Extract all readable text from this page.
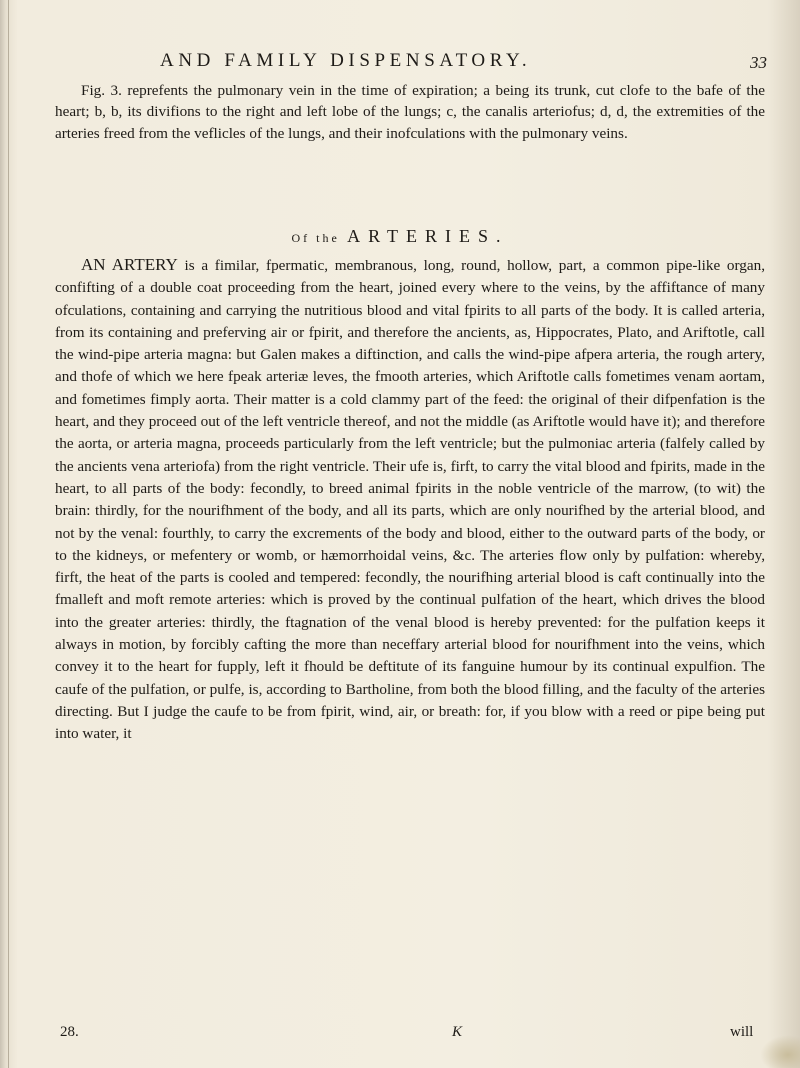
AND FAMILY DISPENSATORY.	33

Fig. 3. reprefents the pulmonary vein in the time of expiration; a being its trunk, cut clofe to the bafe of the heart; b, b, its divifions to the right and left lobe of the lungs; c, the canalis arteriofus; d, d, the extremities of the arteries freed from the veflicles of the lungs, and their inofculations with the pulmonary veins.

Of the ARTERIES.

AN ARTERY is a fimilar, fpermatic, membranous, long, round, hollow, part, a common pipe-like organ, confifting of a double coat proceeding from the heart, joined every where to the veins, by the affiftance of many ofculations, containing and carrying the nutritious blood and vital fpirits to all parts of the body. It is called arteria, from its containing and preferving air or fpirit, and therefore the ancients, as, Hippocrates, Plato, and Ariftotle, call the wind-pipe arteria magna: but Galen makes a diftinction, and calls the wind-pipe afpera arteria, the rough artery, and thofe of which we here fpeak arteriæ leves, the fmooth arteries, which Ariftotle calls fometimes venam aortam, and fometimes fimply aorta. Their matter is a cold clammy part of the feed: the original of their difpenfation is the heart, and they proceed out of the left ventricle thereof, and not the middle (as Ariftotle would have it); and therefore the aorta, or arteria magna, proceeds particularly from the left ventricle; but the pulmoniac arteria (falfely called by the ancients vena arteriofa) from the right ventricle. Their ufe is, firft, to carry the vital blood and fpirits, made in the heart, to all parts of the body: fecondly, to breed animal fpirits in the noble ventricle of the marrow, (to wit) the brain: thirdly, for the nourifhment of the body, and all its parts, which are only nourifhed by the arterial blood, and not by the venal: fourthly, to carry the excrements of the body and blood, either to the outward parts of the body, or to the kidneys, or mefentery or womb, or hæmorrhoidal veins, &c. The arteries flow only by pulfation: whereby, firft, the heat of the parts is cooled and tempered: fecondly, the nourifhing arterial blood is caft continually into the fmalleft and moft remote arteries: which is proved by the continual pulfation of the heart, which drives the blood into the greater arteries: thirdly, the ftagnation of the venal blood is hereby prevented: for the pulfation keeps it always in motion, by forcibly cafting the more than neceffary arterial blood for nourifhment into the veins, which convey it to the heart for fupply, left it fhould be deftitute of its fanguine humour by its continual expulfion. The caufe of the pulfation, or pulfe, is, according to Bartholine, from both the blood filling, and the faculty of the arteries directing. But I judge the caufe to be from fpirit, wind, air, or breath: for, if you blow with a reed or pipe being put into water, it

28.	K	will
